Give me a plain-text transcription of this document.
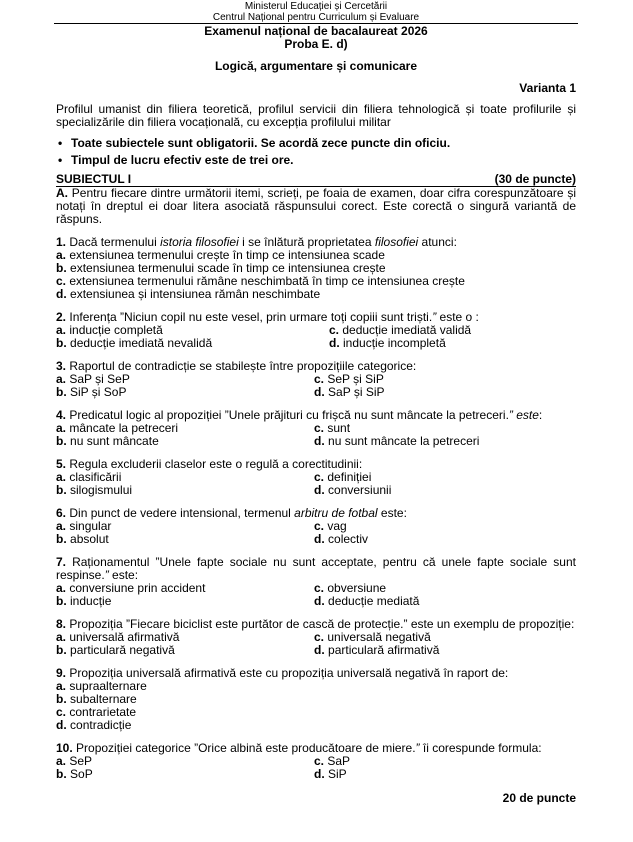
Ministerul Educației și Cercetării
Centrul Național pentru Curriculum și Evaluare
Examenul național de bacalaureat 2026
Proba E. d)
Logică, argumentare și comunicare
Varianta 1
Profilul umanist din filiera teoretică, profilul servicii din filiera tehnologică și toate profilurile și specializările din filiera vocațională, cu excepția profilului militar
• Toate subiectele sunt obligatorii. Se acordă zece puncte din oficiu.
• Timpul de lucru efectiv este de trei ore.
SUBIECTUL I	(30 de puncte)
A. Pentru fiecare dintre următorii itemi, scrieți, pe foaia de examen, doar cifra corespunzătoare și notați în dreptul ei doar litera asociată răspunsului corect. Este corectă o singură variantă de răspuns.
1. Dacă termenului istoria filosofiei i se înlătură proprietatea filosofiei atunci:
a. extensiunea termenului crește în timp ce intensiunea scade
b. extensiunea termenului scade în timp ce intensiunea crește
c. extensiunea termenului rămâne neschimbată în timp ce intensiunea crește
d. extensiunea și intensiunea rămân neschimbate
2. Inferența ”Niciun copil nu este vesel, prin urmare toți copiii sunt triști.” este o :
a. inducție completă	c. deducție imediată validă
b. deducție imediată nevalidă	d. inducție incompletă
3. Raportul de contradicție se stabilește între propozițiile categorice:
a. SaP și SeP	c. SeP și SiP
b. SiP și SoP	d. SaP și SiP
4. Predicatul logic al propoziției ”Unele prăjituri cu frișcă nu sunt mâncate la petreceri.” este:
a. mâncate la petreceri	c. sunt
b. nu sunt mâncate	d. nu sunt mâncate la petreceri
5. Regula excluderii claselor este o regulă a corectitudinii:
a. clasificării	c. definiției
b. silogismului	d. conversiunii
6. Din punct de vedere intensional, termenul arbitru de fotbal este:
a. singular	c. vag
b. absolut	d. colectiv
7. Raționamentul ”Unele fapte sociale nu sunt acceptate, pentru că unele fapte sociale sunt respinse.” este:
a. conversiune prin accident	c. obversiune
b. inducție	d. deducție mediată
8. Propoziția ”Fiecare biciclist este purtător de cască de protecție.” este un exemplu de propoziție:
a. universală afirmativă	c. universală negativă
b. particulară negativă	d. particulară afirmativă
9. Propoziția universală afirmativă este cu propoziția universală negativă în raport de:
a. supraalternare
b. subalternare
c. contrarietate
d. contradicție
10. Propoziției categorice ”Orice albină este producătoare de miere.” îi corespunde formula:
a. SeP	c. SaP
b. SoP	d. SiP
20 de puncte
